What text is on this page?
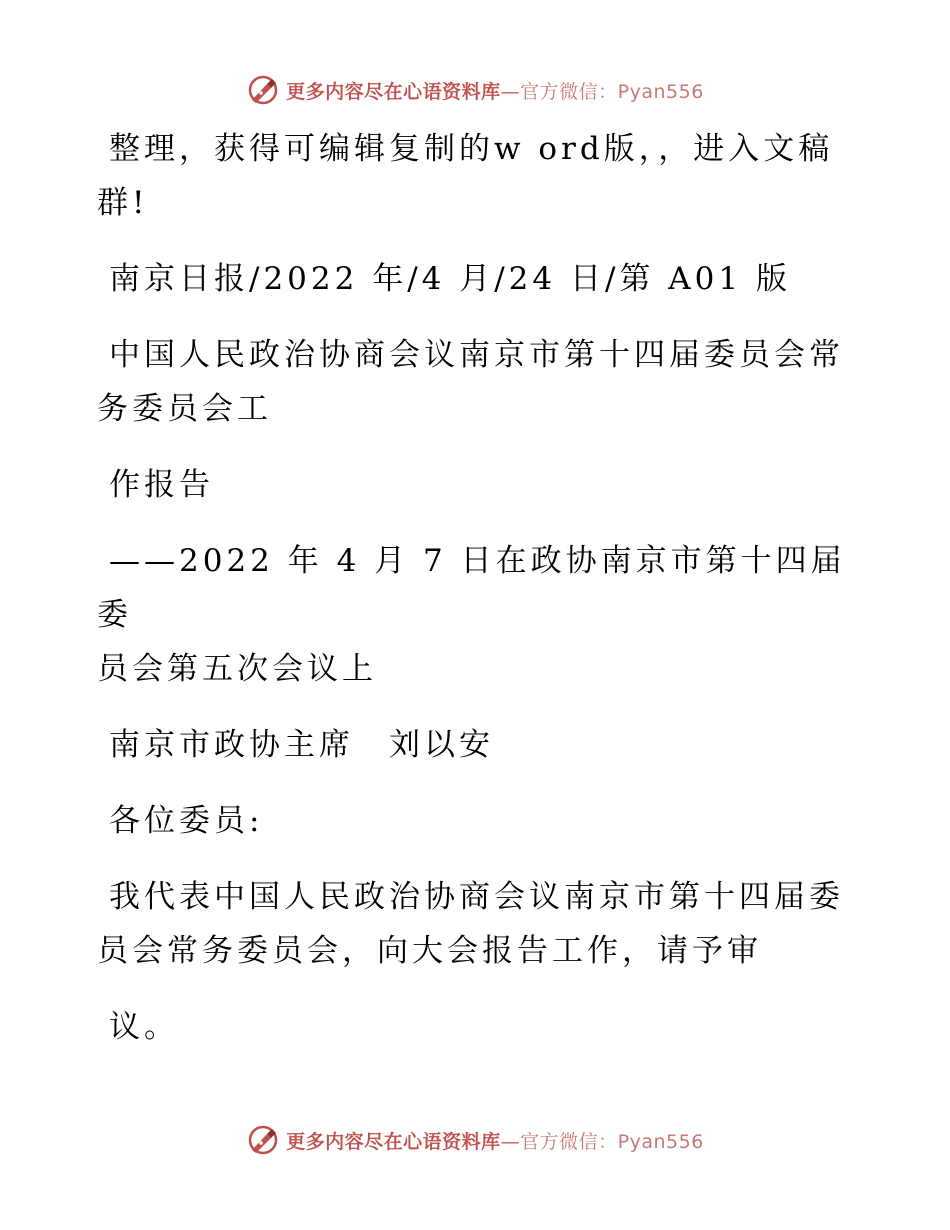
更多内容尽在心语资料库—官方微信：Pyan556

整理，获得可编辑复制的w ord版，，进入文稿
群!

南京日报/2022 年/4 月/24 日/第 A01 版

中国人民政治协商会议南京市第十四届委员会常
务委员会工

作报告

——2022 年 4 月 7 日在政协南京市第十四届委
员会第五次会议上

南京市政协主席　刘以安

各位委员:

我代表中国人民政治协商会议南京市第十四届委
员会常务委员会，向大会报告工作，请予审

议。

更多内容尽在心语资料库—官方微信：Pyan556
